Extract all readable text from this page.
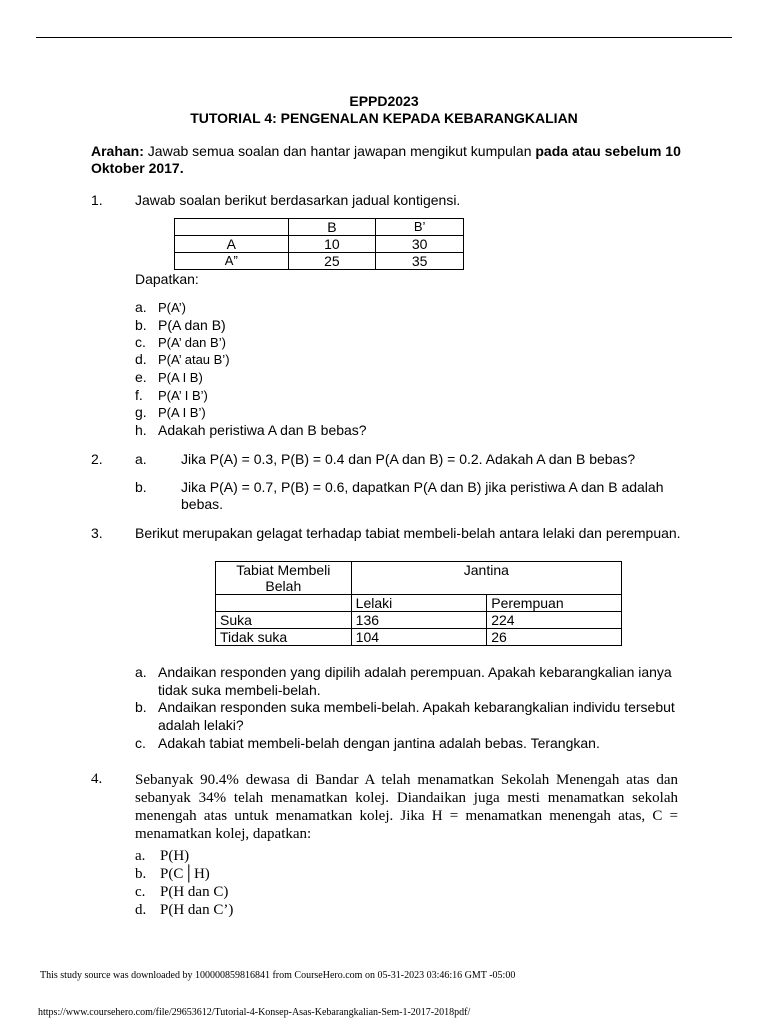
EPPD2023
TUTORIAL 4: PENGENALAN KEPADA KEBARANGKALIAN
Arahan: Jawab semua soalan dan hantar jawapan mengikut kumpulan pada atau sebelum 10
Oktober 2017.
1. Jawab soalan berikut berdasarkan jadual kontigensi.
	B	B’
A	10	30
A”	25	35
Dapatkan:
a. P(A’)
b. P(A dan B)
c. P(A’ dan B’)
d. P(A’ atau B’)
e. P(A I B)
f. P(A’ I B’)
g. P(A I B’)
h. Adakah peristiwa A dan B bebas?
2. a. Jika P(A) = 0.3, P(B) = 0.4 dan P(A dan B) = 0.2. Adakah A dan B bebas?
b. Jika P(A) = 0.7, P(B) = 0.6, dapatkan P(A dan B) jika peristiwa A dan B adalah
bebas.
3. Berikut merupakan gelagat terhadap tabiat membeli-belah antara lelaki dan perempuan.
Tabiat Membeli
Belah	Jantina	

	Lelaki	Perempuan
Suka	136	224
Tidak suka	104	26
a. Andaikan responden yang dipilih adalah perempuan. Apakah kebarangkalian ianya
tidak suka membeli-belah.
b. Andaikan responden suka membeli-belah. Apakah kebarangkalian individu tersebut
adalah lelaki?
c. Adakah tabiat membeli-belah dengan jantina adalah bebas. Terangkan.
4. Sebanyak 90.4% dewasa di Bandar A telah menamatkan Sekolah Menengah atas dan sebanyak 34% telah menamatkan kolej. Diandaikan juga mesti menamatkan sekolah menengah atas untuk menamatkan kolej. Jika H = menamatkan menengah atas, C = menamatkan kolej, dapatkan:
a. P(H)
b. P(C│H)
c. P(H dan C)
d. P(H dan C’)
This study source was downloaded by 100000859816841 from CourseHero.com on 05-31-2023 03:46:16 GMT -05:00
https://www.coursehero.com/file/29653612/Tutorial-4-Konsep-Asas-Kebarangkalian-Sem-1-2017-2018pdf/
